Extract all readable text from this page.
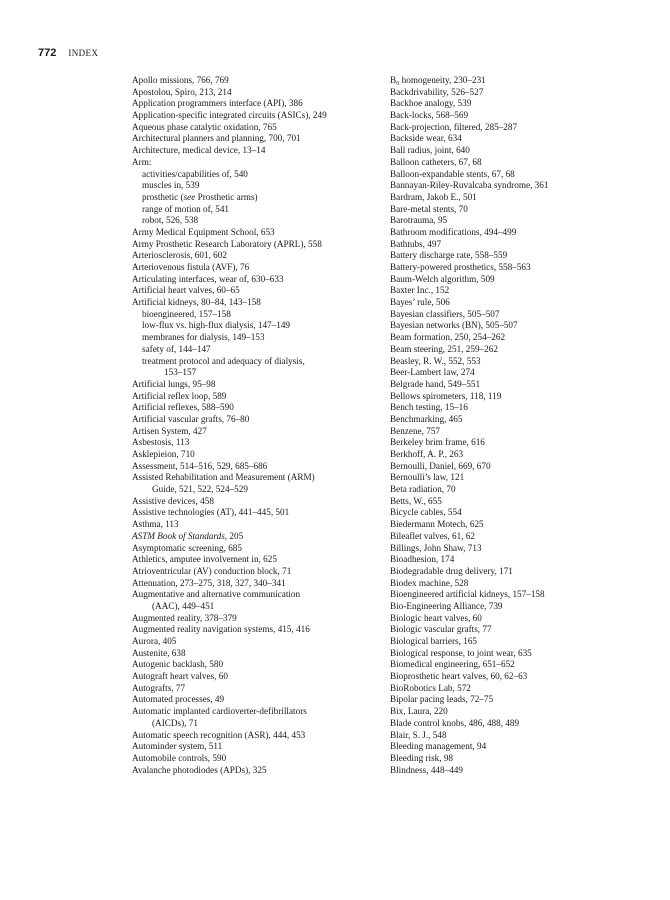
772 INDEX
Apollo missions, 766, 769
Apostolou, Spiro, 213, 214
Application programmers interface (API), 386
Application-specific integrated circuits (ASICs), 249
Aqueous phase catalytic oxidation, 765
Architectural planners and planning, 700, 701
Architecture, medical device, 13–14
Arm:
activities/capabilities of, 540
muscles in, 539
prosthetic (see Prosthetic arms)
range of motion of, 541
robot, 526, 538
Army Medical Equipment School, 653
Army Prosthetic Research Laboratory (APRL), 558
Arteriosclerosis, 601, 602
Arteriovenous fistula (AVF), 76
Articulating interfaces, wear of, 630–633
Artificial heart valves, 60–65
Artificial kidneys, 80–84, 143–158
bioengineered, 157–158
low-flux vs. high-flux dialysis, 147–149
membranes for dialysis, 149–153
safety of, 144–147
treatment protocol and adequacy of dialysis,
153–157
Artificial lungs, 95–98
Artificial reflex loop, 589
Artificial reflexes, 588–590
Artificial vascular grafts, 76–80
Artisen System, 427
Asbestosis, 113
Asklepieion, 710
Assessment, 514–516, 529, 685–686
Assisted Rehabilitation and Measurement (ARM)
Guide, 521, 522, 524–529
Assistive devices, 458
Assistive technologies (AT), 441–445, 501
Asthma, 113
ASTM Book of Standards, 205
Asymptomatic screening, 685
Athletics, amputee involvement in, 625
Atrioventricular (AV) conduction block, 71
Attenuation, 273–275, 318, 327, 340–341
Augmentative and alternative communication
(AAC), 449–451
Augmented reality, 378–379
Augmented reality navigation systems, 415, 416
Aurora, 405
Austenite, 638
Autogenic backlash, 580
Autograft heart valves, 60
Autografts, 77
Automated processes, 49
Automatic implanted cardioverter-defibrillators
(AICDs), 71
Automatic speech recognition (ASR), 444, 453
Autominder system, 511
Automobile controls, 590
Avalanche photodiodes (APDs), 325
B₀ homogeneity, 230–231
Backdrivability, 526–527
Backhoe analogy, 539
Back-locks, 568–569
Back-projection, filtered, 285–287
Backside wear, 634
Ball radius, joint, 640
Balloon catheters, 67, 68
Balloon-expandable stents, 67, 68
Bannayan-Riley-Ruvalcaba syndrome, 361
Bardram, Jakob E., 501
Bare-metal stents, 70
Barotrauma, 95
Bathroom modifications, 494–499
Bathtubs, 497
Battery discharge rate, 558–559
Battery-powered prosthetics, 558–563
Baum-Welch algorithm, 509
Baxter Inc., 152
Bayes’ rule, 506
Bayesian classifiers, 505–507
Bayesian networks (BN), 505–507
Beam formation, 250, 254–262
Beam steering, 251, 259–262
Beasley, R. W., 552, 553
Beer-Lambert law, 274
Belgrade hand, 549–551
Bellows spirometers, 118, 119
Bench testing, 15–16
Benchmarking, 465
Benzene, 757
Berkeley brim frame, 616
Berkhoff, A. P., 263
Bernoulli, Daniel, 669, 670
Bernoulli’s law, 121
Beta radiation, 70
Betts, W., 655
Bicycle cables, 554
Biedermann Motech, 625
Bileaflet valves, 61, 62
Billings, John Shaw, 713
Bioadhesion, 174
Biodegradable drug delivery, 171
Biodex machine, 528
Bioengineered artificial kidneys, 157–158
Bio-Engineering Alliance, 739
Biologic heart valves, 60
Biologic vascular grafts, 77
Biological barriers, 165
Biological response, to joint wear, 635
Biomedical engineering, 651–652
Bioprosthetic heart valves, 60, 62–63
BioRobotics Lab, 572
Bipolar pacing leads, 72–75
Bix, Laura, 220
Blade control knobs, 486, 488, 489
Blair, S. J., 548
Bleeding management, 94
Bleeding risk, 98
Blindness, 448–449
